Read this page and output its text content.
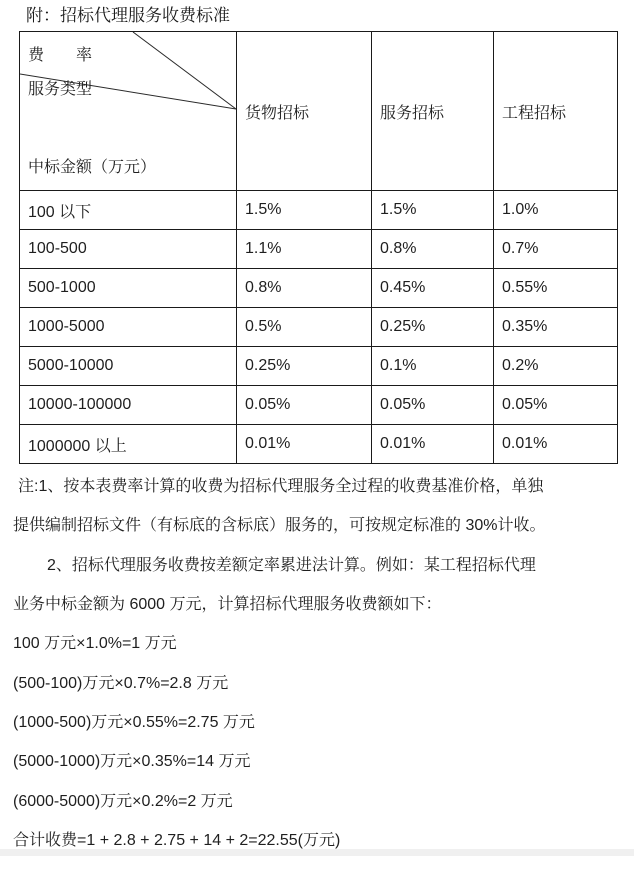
附：招标代理服务收费标准
费　　率
服务类型
中标金额（万元）	货物招标	服务招标	工程招标
100 以下	1.5%	1.5%	1.0%
100-500	1.1%	0.8%	0.7%
500-1000	0.8%	0.45%	0.55%
1000-5000	0.5%	0.25%	0.35%
5000-10000	0.25%	0.1%	0.2%
10000-100000	0.05%	0.05%	0.05%
1000000 以上	0.01%	0.01%	0.01%

注:1、按本表费率计算的收费为招标代理服务全过程的收费基准价格，单独

提供编制招标文件（有标底的含标底）服务的，可按规定标准的 30%计收。

2、招标代理服务收费按差额定率累进法计算。例如：某工程招标代理

业务中标金额为 6000 万元，计算招标代理服务收费额如下：

100 万元×1.0%=1 万元

(500-100)万元×0.7%=2.8 万元

(1000-500)万元×0.55%=2.75 万元

(5000-1000)万元×0.35%=14 万元

(6000-5000)万元×0.2%=2 万元

合计收费=1 + 2.8 + 2.75 + 14 + 2=22.55(万元)
